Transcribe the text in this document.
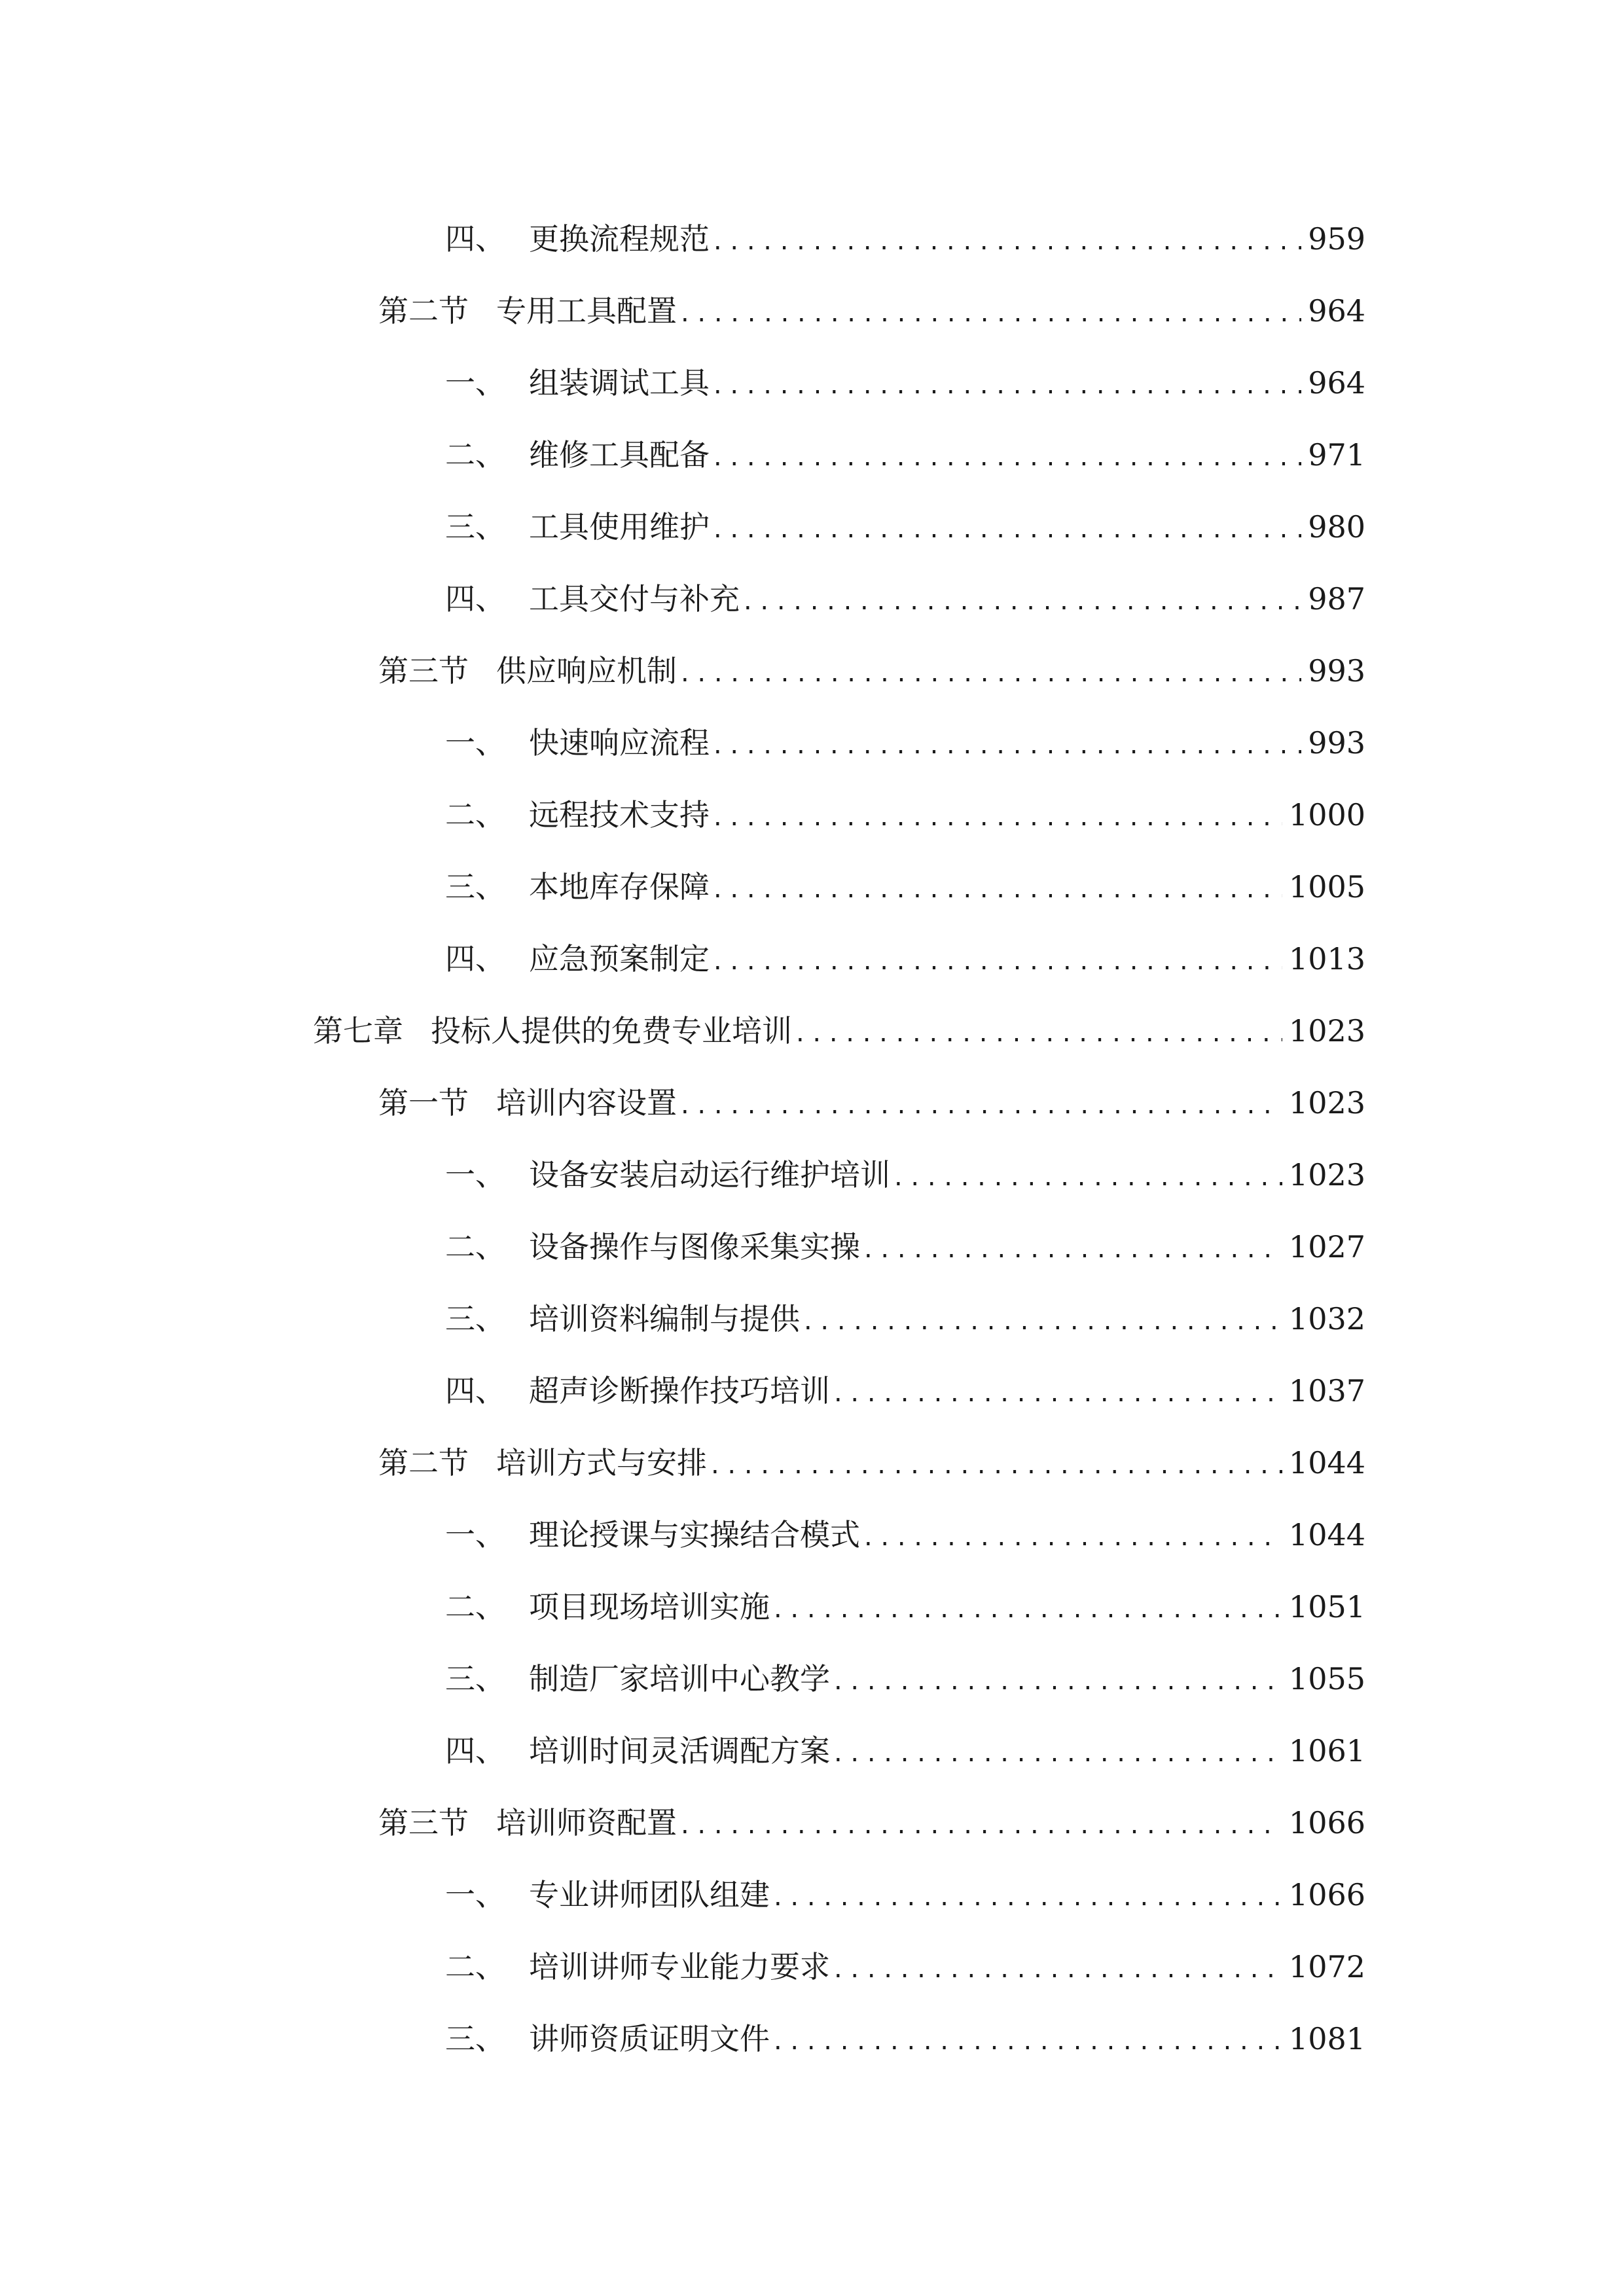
四、 更换流程规范 . . .	959
第二节 专用工具配置 . . .	964
一、 组装调试工具 . . .	964
二、 维修工具配备 . . .	971
三、 工具使用维护 . . .	980
四、 工具交付与补充 . . .	987
第三节 供应响应机制 . . .	993
一、 快速响应流程 . . .	993
二、 远程技术支持 . . .	1000
三、 本地库存保障 . . .	1005
四、 应急预案制定 . . .	1013
第七章 投标人提供的免费专业培训 . . .	1023
第一节 培训内容设置 . . .	1023
一、 设备安装启动运行维护培训 . . .	1023
二、 设备操作与图像采集实操 . . .	1027
三、 培训资料编制与提供 . . .	1032
四、 超声诊断操作技巧培训 . . .	1037
第二节 培训方式与安排 . . .	1044
一、 理论授课与实操结合模式 . . .	1044
二、 项目现场培训实施 . . .	1051
三、 制造厂家培训中心教学 . . .	1055
四、 培训时间灵活调配方案 . . .	1061
第三节 培训师资配置 . . .	1066
一、 专业讲师团队组建 . . .	1066
二、 培训讲师专业能力要求 . . .	1072
三、 讲师资质证明文件 . . .	1081
